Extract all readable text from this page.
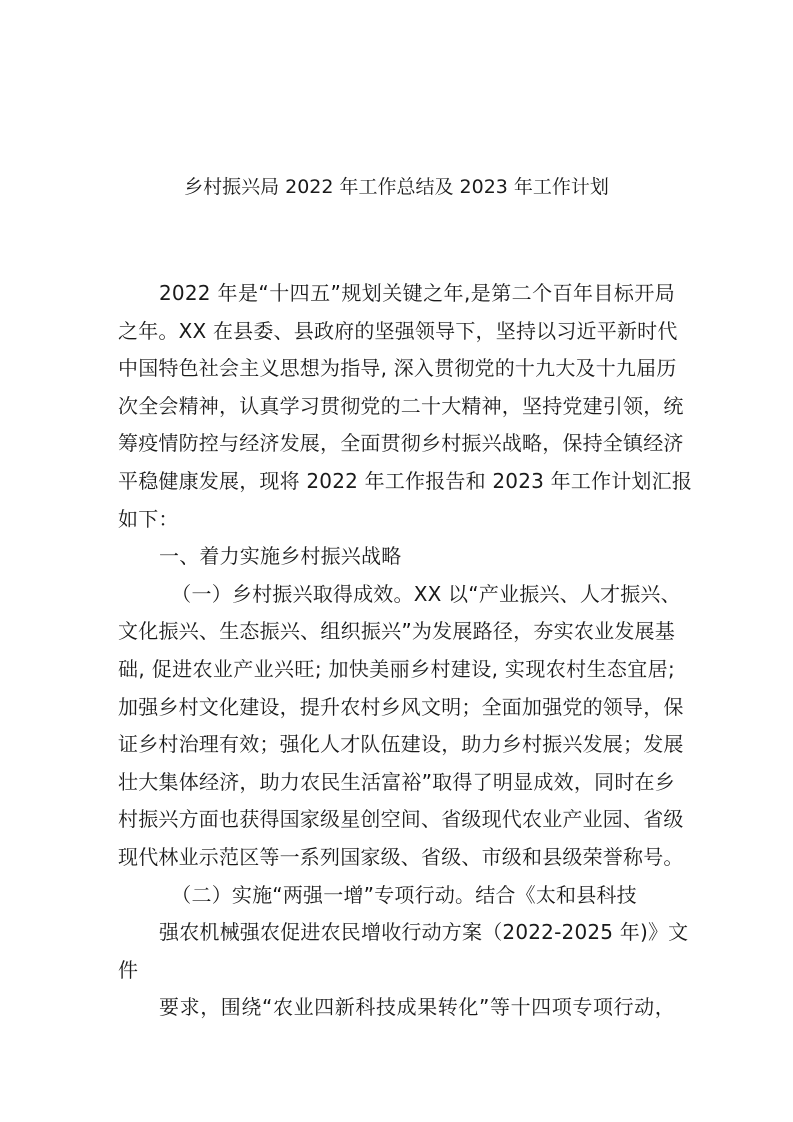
乡村振兴局 2022 年工作总结及 2023 年工作计划
2022 年是“十四五”规划关键之年,是第二个百年目标开局
之年。XX 在县委、县政府的坚强领导下，坚持以习近平新时代
中国特色社会主义思想为指导, 深入贯彻党的十九大及十九届历
次全会精神，认真学习贯彻党的二十大精神，坚持党建引领，统
筹疫情防控与经济发展，全面贯彻乡村振兴战略，保持全镇经济
平稳健康发展，现将 2022 年工作报告和 2023 年工作计划汇报
如下：
一、着力实施乡村振兴战略
（一）乡村振兴取得成效。XX 以“产业振兴、人才振兴、
文化振兴、生态振兴、组织振兴”为发展路径，夯实农业发展基
础, 促进农业产业兴旺; 加快美丽乡村建设, 实现农村生态宜居;
加强乡村文化建设，提升农村乡风文明；全面加强党的领导，保
证乡村治理有效；强化人才队伍建设，助力乡村振兴发展；发展
壮大集体经济，助力农民生活富裕”取得了明显成效，同时在乡
村振兴方面也获得国家级星创空间、省级现代农业产业园、省级
现代林业示范区等一系列国家级、省级、市级和县级荣誉称号。
（二）实施“两强一增”专项行动。结合《太和县科技
强农机械强农促进农民增收行动方案（2022-2025 年)》文
件
要求，围绕“农业四新科技成果转化”等十四项专项行动，
